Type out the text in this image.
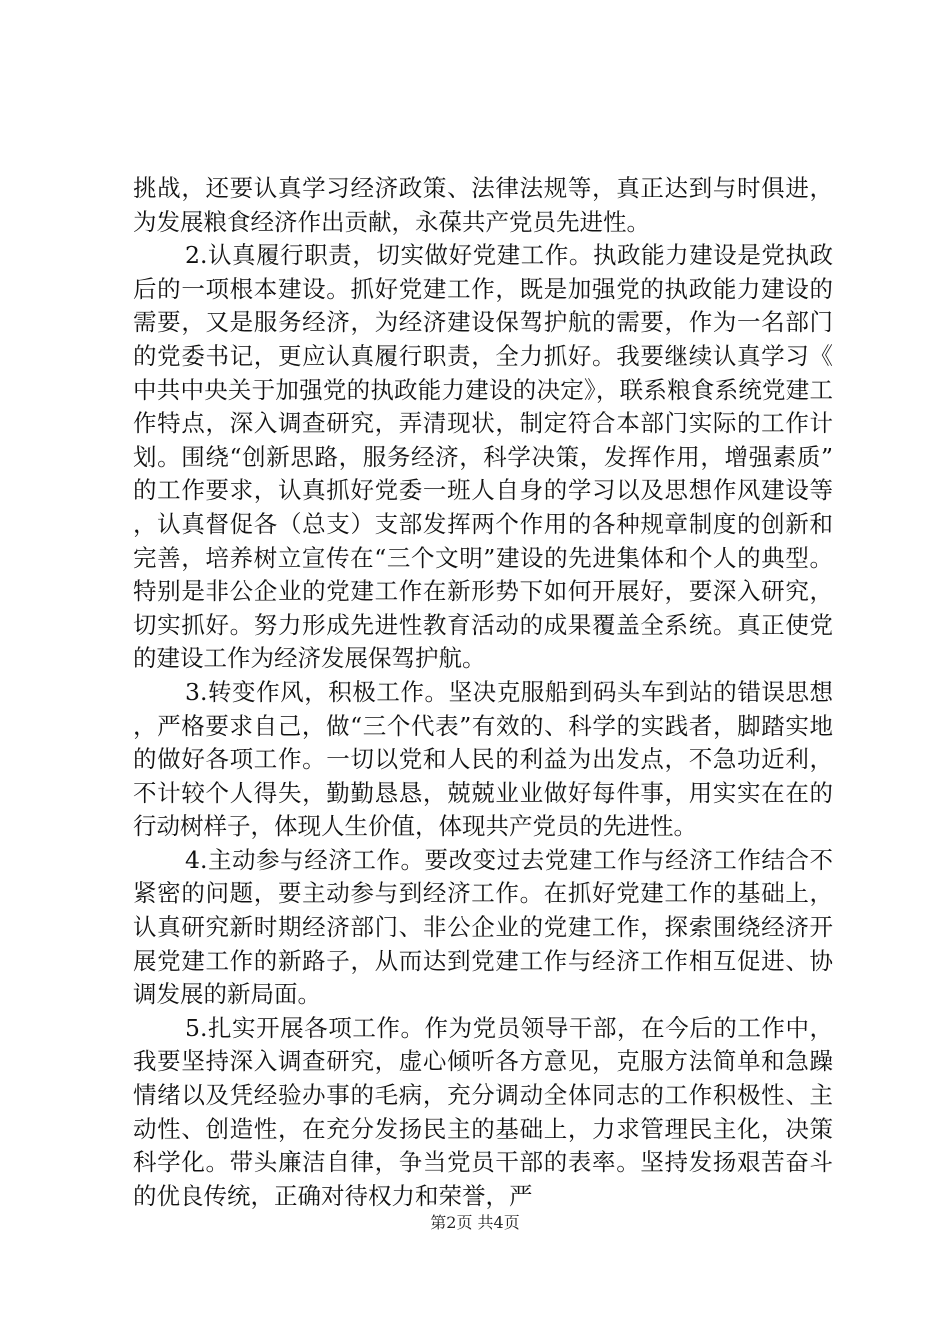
挑战，还要认真学习经济政策、法律法规等，真正达到与时俱进，为发展粮食经济作出贡献，永葆共产党员先进性。

2.认真履行职责，切实做好党建工作。执政能力建设是党执政后的一项根本建设。抓好党建工作，既是加强党的执政能力建设的需要，又是服务经济，为经济建设保驾护航的需要，作为一名部门的党委书记，更应认真履行职责，全力抓好。我要继续认真学习《中共中央关于加强党的执政能力建设的决定》，联系粮食系统党建工作特点，深入调查研究，弄清现状，制定符合本部门实际的工作计划。围绕“创新思路，服务经济，科学决策，发挥作用，增强素质”的工作要求，认真抓好党委一班人自身的学习以及思想作风建设等，认真督促各（总支）支部发挥两个作用的各种规章制度的创新和完善，培养树立宣传在“三个文明”建设的先进集体和个人的典型。特别是非公企业的党建工作在新形势下如何开展好，要深入研究，切实抓好。努力形成先进性教育活动的成果覆盖全系统。真正使党的建设工作为经济发展保驾护航。

3.转变作风，积极工作。坚决克服船到码头车到站的错误思想，严格要求自己，做“三个代表”有效的、科学的实践者，脚踏实地的做好各项工作。一切以党和人民的利益为出发点，不急功近利，不计较个人得失，勤勤恳恳，兢兢业业做好每件事，用实实在在的行动树样子，体现人生价值，体现共产党员的先进性。

4.主动参与经济工作。要改变过去党建工作与经济工作结合不紧密的问题，要主动参与到经济工作。在抓好党建工作的基础上，认真研究新时期经济部门、非公企业的党建工作，探索围绕经济开展党建工作的新路子，从而达到党建工作与经济工作相互促进、协调发展的新局面。

5.扎实开展各项工作。作为党员领导干部，在今后的工作中，我要坚持深入调查研究，虚心倾听各方意见，克服方法简单和急躁情绪以及凭经验办事的毛病，充分调动全体同志的工作积极性、主动性、创造性，在充分发扬民主的基础上，力求管理民主化，决策科学化。带头廉洁自律，争当党员干部的表率。坚持发扬艰苦奋斗的优良传统，正确对待权力和荣誉，严

第2页 共4页
